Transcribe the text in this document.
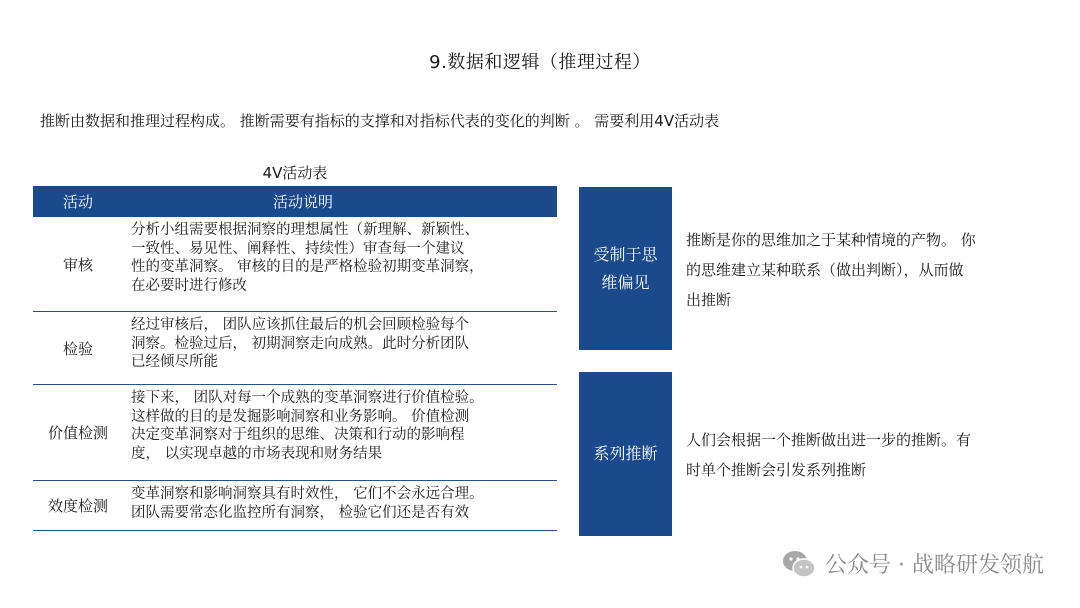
9.数据和逻辑（推理过程）
推断由数据和推理过程构成。 推断需要有指标的支撑和对指标代表的变化的判断 。 需要利用4V活动表
4V活动表
活动	活动说明
审核
分析小组需要根据洞察的理想属性（新理解、新颖性、
一致性、易见性、阐释性、持续性）审查每一个建议
性的变革洞察。 审核的目的是严格检验初期变革洞察，
在必要时进行修改
检验
经过审核后， 团队应该抓住最后的机会回顾检验每个
洞察。检验过后， 初期洞察走向成熟。此时分析团队
已经倾尽所能
价值检测
接下来， 团队对每一个成熟的变革洞察进行价值检验。
这样做的目的是发掘影响洞察和业务影响。 价值检测
决定变革洞察对于组织的思维、决策和行动的影响程
度， 以实现卓越的市场表现和财务结果
效度检测
变革洞察和影响洞察具有时效性， 它们不会永远合理。
团队需要常态化监控所有洞察， 检验它们还是否有效
受制于思维偏见
推断是你的思维加之于某种情境的产物。 你
的思维建立某种联系（做出判断），从而做
出推断
系列推断
人们会根据一个推断做出进一步的推断。有
时单个推断会引发系列推断
公众号 · 战略研发领航
